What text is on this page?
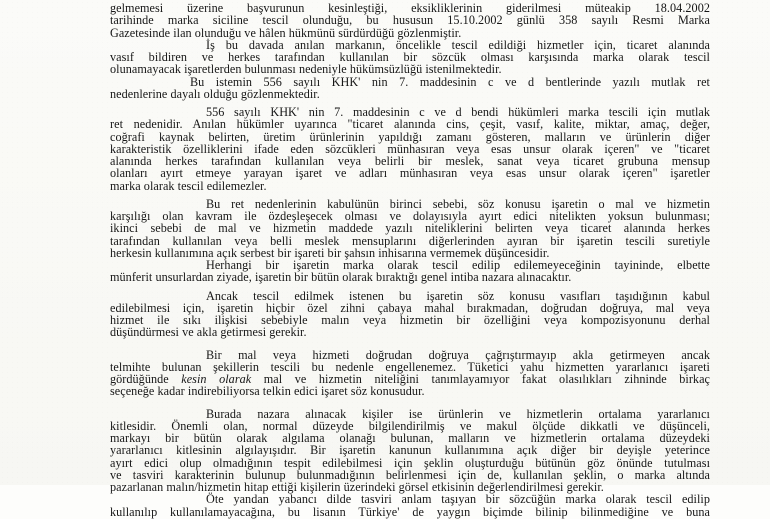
gelmemesi üzerine başvurunun kesinleştiği, eksikliklerinin giderilmesi müteakip 18.04.2002
tarihinde marka siciline tescil olunduğu, bu hususun 15.10.2002 günlü 358 sayılı Resmi Marka
Gazetesinde ilan olunduğu ve hâlen hükmünü sürdürdüğü gözlenmiştir.
İş bu davada anılan markanın, öncelikle tescil edildiği hizmetler için, ticaret alanında
vasıf bildiren ve herkes tarafından kullanılan bir sözcük olması karşısında marka olarak tescil
olunamayacak işaretlerden bulunması nedeniyle hükümsüzlüğü istenilmektedir.
Bu istemin 556 sayılı KHK' nin 7. maddesinin c ve d bentlerinde yazılı mutlak ret
nedenlerine dayalı olduğu gözlenmektedir.
556 sayılı KHK' nin 7. maddesinin c ve d bendi hükümleri marka tescili için mutlak
ret nedenidir. Anılan hükümler uyarınca "ticaret alanında cins, çeşit, vasıf, kalite, miktar, amaç, değer,
coğrafi kaynak belirten, üretim ürünlerinin yapıldığı zamanı gösteren, malların ve ürünlerin diğer
karakteristik özelliklerini ifade eden sözcükleri münhasıran veya esas unsur olarak içeren" ve "ticaret
alanında herkes tarafından kullanılan veya belirli bir meslek, sanat veya ticaret grubuna mensup
olanları ayırt etmeye yarayan işaret ve adları münhasıran veya esas unsur olarak içeren" işaretler
marka olarak tescil edilemezler.
Bu ret nedenlerinin kabulünün birinci sebebi, söz konusu işaretin o mal ve hizmetin
karşılığı olan kavram ile özdeşleşecek olması ve dolayısıyla ayırt edici nitelikten yoksun bulunması;
ikinci sebebi de mal ve hizmetin maddede yazılı niteliklerini belirten veya ticaret alanında herkes
tarafından kullanılan veya belli meslek mensuplarını diğerlerinden ayıran bir işaretin tescili suretiyle
herkesin kullanımına açık serbest bir işareti bir şahsın inhisarına vermemek düşüncesidir.
Herhangi bir işaretin marka olarak tescil edilip edilemeyeceğinin tayininde, elbette
münferit unsurlardan ziyade, işaretin bir bütün olarak bıraktığı genel intiba nazara alınacaktır.
Ancak tescil edilmek istenen bu işaretin söz konusu vasıfları taşıdığının kabul
edilebilmesi için, işaretin hiçbir özel zihni çabaya mahal bırakmadan, doğrudan doğruya, mal veya
hizmet ile sıkı ilişkisi sebebiyle malın veya hizmetin bir özelliğini veya kompozisyonunu derhal
düşündürmesi ve akla getirmesi gerekir.
Bir mal veya hizmeti doğrudan doğruya çağrıştırmayıp akla getirmeyen ancak
telmihte bulunan şekillerin tescili bu nedenle engellenemez. Tüketici yahu hizmetten yararlanıcı işareti
gördüğünde kesin olarak mal ve hizmetin niteliğini tanımlayamıyor fakat olasılıkları zihninde birkaç
seçeneğe kadar indirebiliyorsa telkin edici işaret söz konusudur.
Burada nazara alınacak kişiler ise ürünlerin ve hizmetlerin ortalama yararlanıcı
kitlesidir. Önemli olan, normal düzeyde bilgilendirilmiş ve makul ölçüde dikkatli ve düşünceli,
markayı bir bütün olarak algılama olanağı bulunan, malların ve hizmetlerin ortalama düzeydeki
yararlanıcı kitlesinin algılayışıdır. Bir işaretin kanunun kullanımına açık diğer bir deyişle yeterince
ayırt edici olup olmadığının tespit edilebilmesi için şeklin oluşturduğu bütünün göz önünde tutulması
ve tasviri karakterinin bulunup bulunmadığının belirlenmesi için de, kullanılan şeklin, o marka altında
pazarlanan malın/hizmetin hitap ettiği kişilerin üzerindeki görsel etkisinin değerlendirilmesi gerekir.
Öte yandan yabancı dilde tasviri anlam taşıyan bir sözcüğün marka olarak tescil edilip
kullanılıp kullanılamayacağına, bu lisanın Türkiye' de yaygın biçimde bilinip bilinmediğine ve buna
